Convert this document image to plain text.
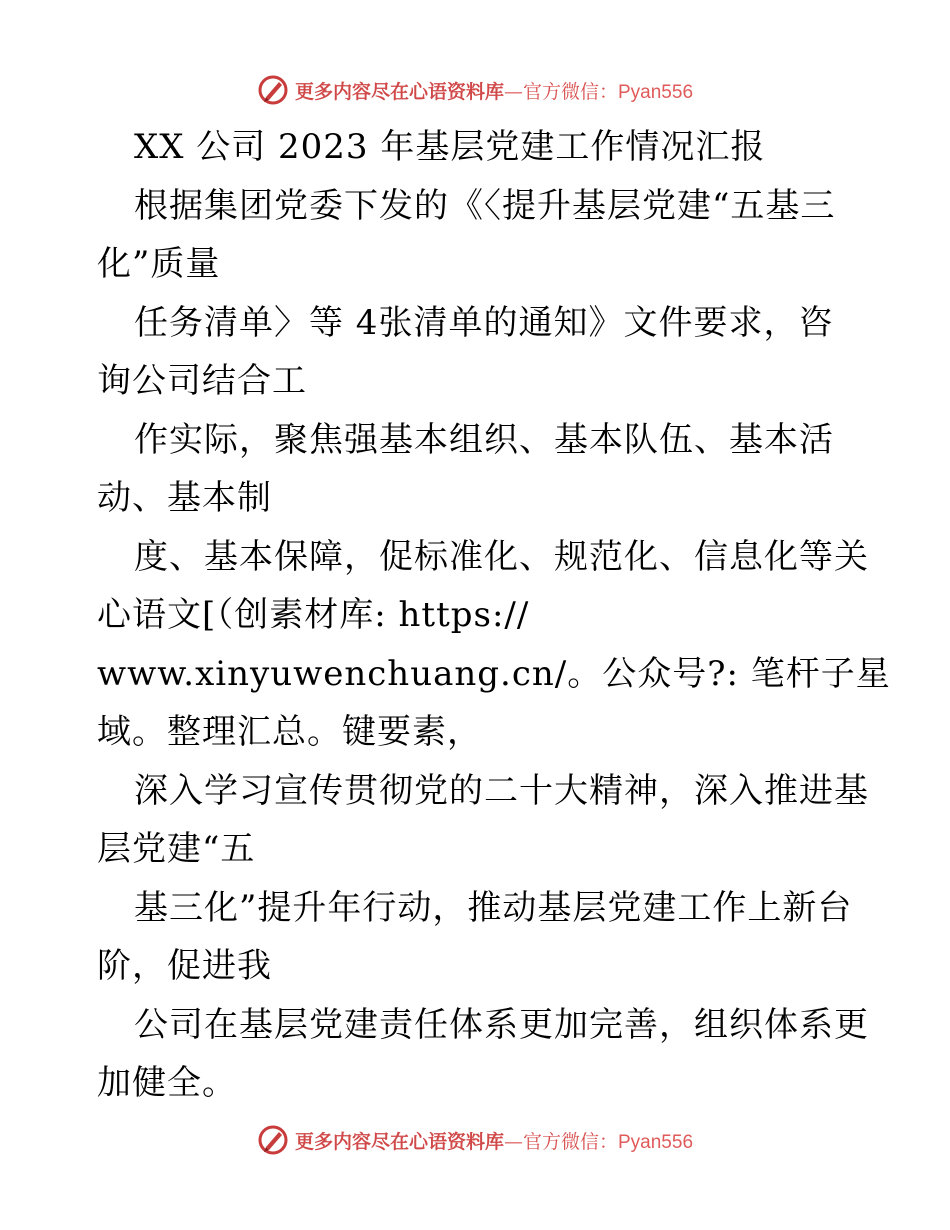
更多内容尽在心语资料库—官方微信：Pyan556
XX 公司 2023 年基层党建工作情况汇报
根据集团党委下发的《〈提升基层党建“五基三
化”质量
任务清单〉等 4张清单的通知》文件要求，咨
询公司结合工
作实际，聚焦强基本组织、基本队伍、基本活
动、基本制
度、基本保障，促标准化、规范化、信息化等关
心语文[（创素材库: https://
www.xinyuwenchuang.cn/。公众号?: 笔杆子星
域。整理汇总。键要素，
深入学习宣传贯彻党的二十大精神，深入推进基
层党建“五
基三化”提升年行动，推动基层党建工作上新台
阶，促进我
公司在基层党建责任体系更加完善，组织体系更
加健全。
更多内容尽在心语资料库—官方微信：Pyan556
